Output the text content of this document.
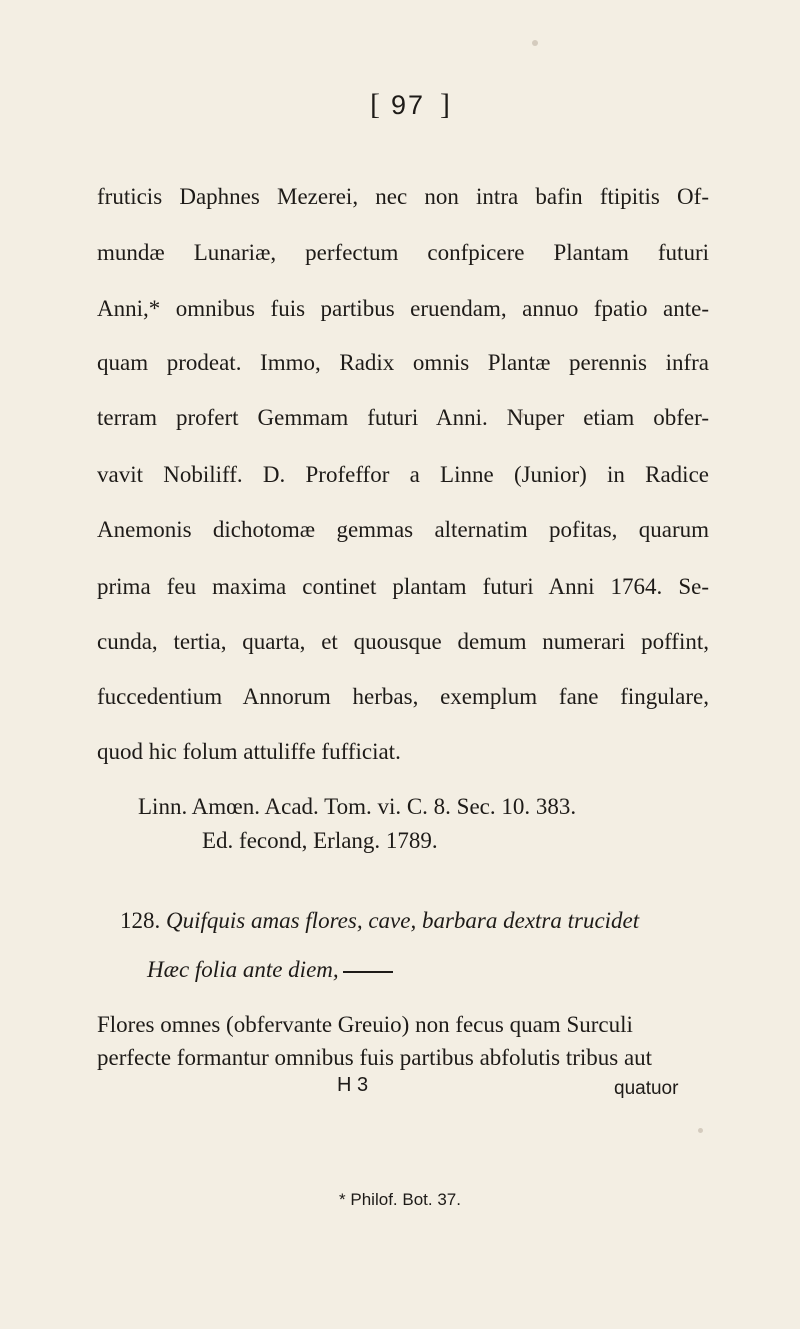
[ 97 ]
fruticis Daphnes Mezerei, nec non intra bafin ftipitis Of-
mundæ Lunariæ, perfectum confpicere Plantam futuri
Anni,* omnibus fuis partibus eruendam, annuo fpatio ante-
quam prodeat. Immo, Radix omnis Plantæ perennis infra
terram profert Gemmam futuri Anni. Nuper etiam obfer-
vavit Nobiliff. D. Profeffor a Linne (Junior) in Radice
Anemonis dichotomæ gemmas alternatim pofitas, quarum
prima feu maxima continet plantam futuri Anni 1764. Se-
cunda, tertia, quarta, et quousque demum numerari poffint,
fuccedentium Annorum herbas, exemplum fane fingulare,
quod hic folum attuliffe fufficiat.
Linn. Amœn. Acad. Tom. vi. C. 8. Sec. 10. 383.
Ed. fecond, Erlang. 1789.
128. Quifquis amas flores, cave, barbara dextra trucidet
Hæc folia ante diem,
Flores omnes (obfervante Greuio) non fecus quam Surculi
perfecte formantur omnibus fuis partibus abfolutis tribus aut
H 3	quatuor
* Philof. Bot. 37.
